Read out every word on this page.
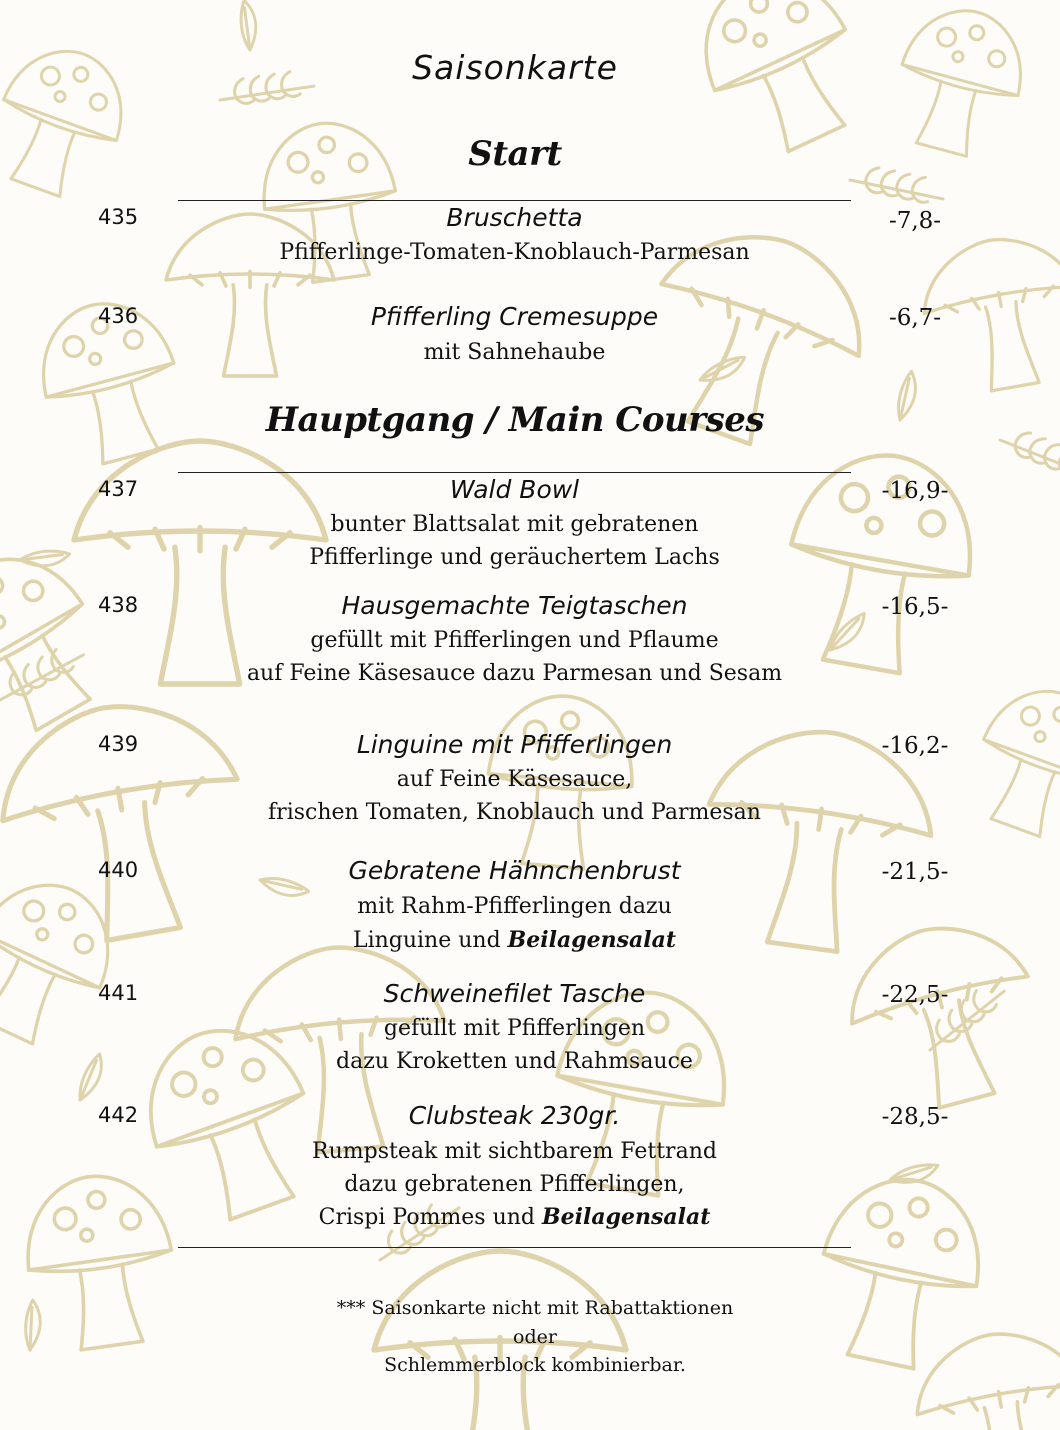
Saisonkarte
Start
435	Bruschetta
Pfifferlinge-Tomaten-Knoblauch-Parmesan
-7,8-
436	Pfifferling Cremesuppe
mit Sahnehaube
-6,7-
Hauptgang / Main Courses
437	Wald Bowl
bunter Blattsalat mit gebratenen
Pfifferlinge und geräuchertem Lachs
-16,9-
438	Hausgemachte Teigtaschen
gefüllt mit Pfifferlingen und Pflaume
auf Feine Käsesauce dazu Parmesan und Sesam
-16,5-
439	Linguine mit Pfifferlingen
auf Feine Käsesauce,
frischen Tomaten, Knoblauch und Parmesan
-16,2-
440	Gebratene Hähnchenbrust
mit Rahm-Pfifferlingen dazu
Linguine und Beilagensalat
-21,5-
441	Schweinefilet Tasche
gefüllt mit Pfifferlingen
dazu Kroketten und Rahmsauce
-22,5-
442	Clubsteak 230gr.
Rumpsteak mit sichtbarem Fettrand
dazu gebratenen Pfifferlingen,
Crispi Pommes und Beilagensalat
-28,5-
*** Saisonkarte nicht mit Rabattaktionen
oder
Schlemmerblock kombinierbar.
